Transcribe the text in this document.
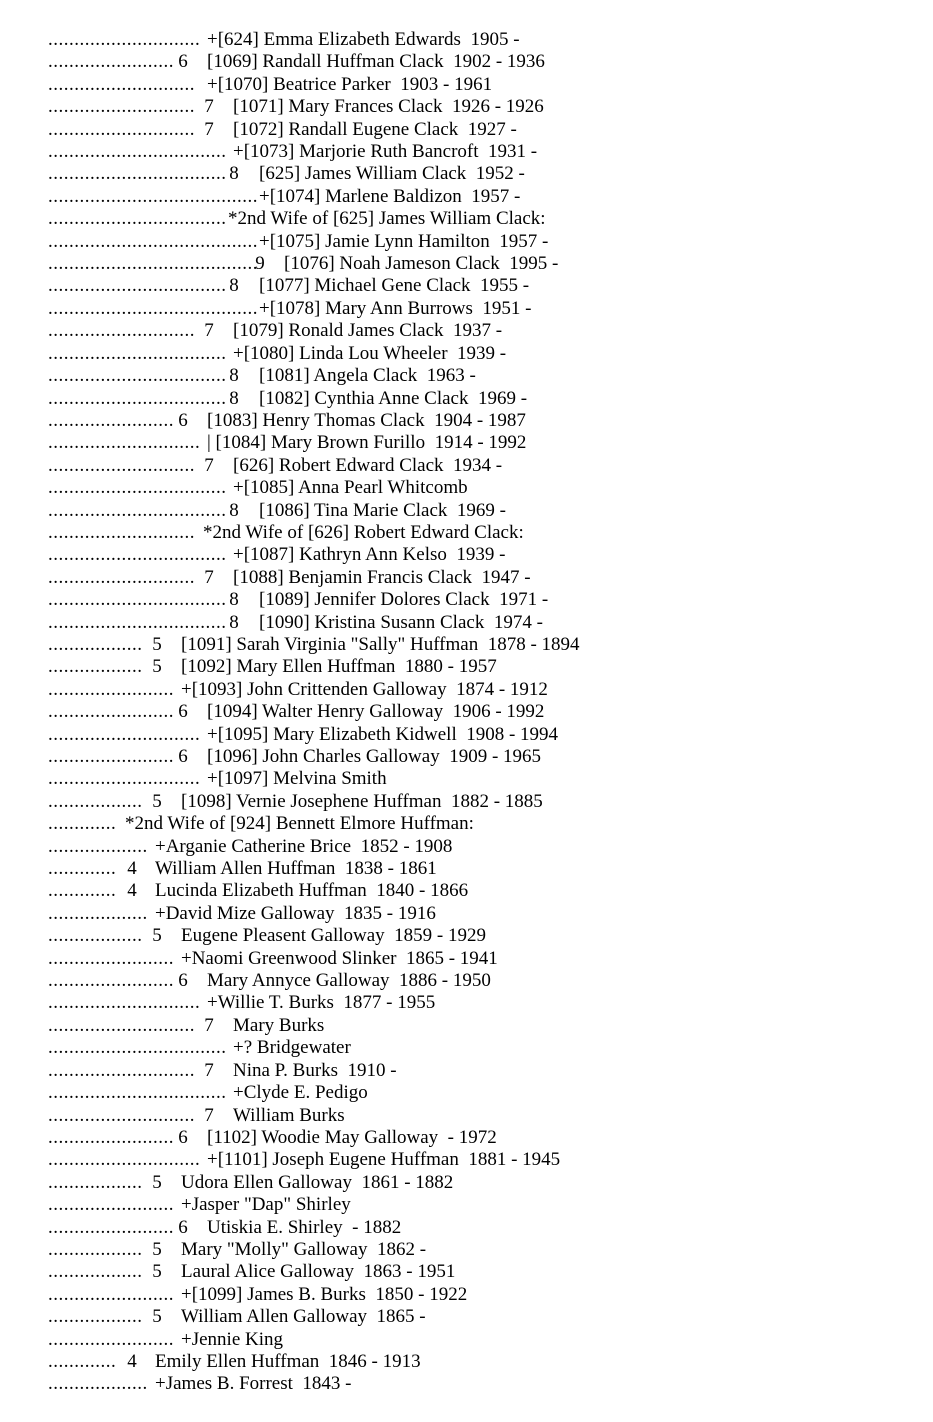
............................. +[624] Emma Elizabeth Edwards  1905 -
........................ 6 [1069] Randall Huffman Clack  1902 - 1936
............................ +[1070] Beatrice Parker  1903 - 1961
............................ 7 [1071] Mary Frances Clack  1926 - 1926
............................ 7 [1072] Randall Eugene Clack  1927 -
.................................. +[1073] Marjorie Ruth Bancroft  1931 -
.................................. 8 [625] James William Clack  1952 -
........................................ +[1074] Marlene Baldizon  1957 -
.................................. *2nd Wife of [625] James William Clack:
........................................ +[1075] Jamie Lynn Hamilton  1957 -
........................................
9 [1076] Noah Jameson Clack  1995 -
.................................. 8 [1077] Michael Gene Clack  1955 -
........................................ +[1078] Mary Ann Burrows  1951 -
............................ 7 [1079] Ronald James Clack  1937 -
.................................. +[1080] Linda Lou Wheeler  1939 -
.................................. 8 [1081] Angela Clack  1963 -
.................................. 8 [1082] Cynthia Anne Clack  1969 -
........................ 6 [1083] Henry Thomas Clack  1904 - 1987
............................. | [1084] Mary Brown Furillo  1914 - 1992
............................ 7 [626] Robert Edward Clack  1934 -
.................................. +[1085] Anna Pearl Whitcomb
.................................. 8 [1086] Tina Marie Clack  1969 -
............................ *2nd Wife of [626] Robert Edward Clack:
.................................. +[1087] Kathryn Ann Kelso  1939 -
............................ 7 [1088] Benjamin Francis Clack  1947 -
.................................. 8 [1089] Jennifer Dolores Clack  1971 -
.................................. 8 [1090] Kristina Susann Clack  1974 -
.................. 5 [1091] Sarah Virginia "Sally" Huffman  1878 - 1894
.................. 5 [1092] Mary Ellen Huffman  1880 - 1957
........................ +[1093] John Crittenden Galloway  1874 - 1912
........................ 6 [1094] Walter Henry Galloway  1906 - 1992
............................. +[1095] Mary Elizabeth Kidwell  1908 - 1994
........................ 6 [1096] John Charles Galloway  1909 - 1965
............................. +[1097] Melvina Smith
.................. 5 [1098] Vernie Josephene Huffman  1882 - 1885
............. *2nd Wife of [924] Bennett Elmore Huffman:
................... +Arganie Catherine Brice  1852 - 1908
............. 4 William Allen Huffman  1838 - 1861
............. 4 Lucinda Elizabeth Huffman  1840 - 1866
................... +David Mize Galloway  1835 - 1916
.................. 5 Eugene Pleasent Galloway  1859 - 1929
........................ +Naomi Greenwood Slinker  1865 - 1941
........................ 6 Mary Annyce Galloway  1886 - 1950
............................. +Willie T. Burks  1877 - 1955
............................ 7 Mary Burks
.................................. +? Bridgewater
............................ 7 Nina P. Burks  1910 -
.................................. +Clyde E. Pedigo
............................ 7 William Burks
........................ 6 [1102] Woodie May Galloway  - 1972
............................. +[1101] Joseph Eugene Huffman  1881 - 1945
.................. 5 Udora Ellen Galloway  1861 - 1882
........................ +Jasper "Dap" Shirley
........................ 6 Utiskia E. Shirley  - 1882
.................. 5 Mary "Molly" Galloway  1862 -
.................. 5 Laural Alice Galloway  1863 - 1951
........................ +[1099] James B. Burks  1850 - 1922
.................. 5 William Allen Galloway  1865 -
........................ +Jennie King
............. 4 Emily Ellen Huffman  1846 - 1913
................... +James B. Forrest  1843 -
